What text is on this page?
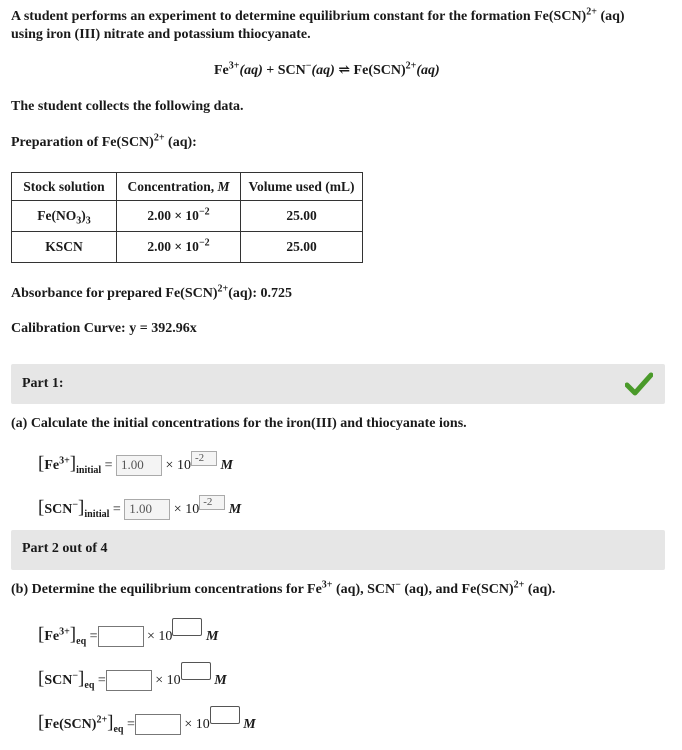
A student performs an experiment to determine equilibrium constant for the formation Fe(SCN)$^{2+}$ (aq)
using iron (III) nitrate and potassium thiocyanate.
$Fe^{3+}(aq) + SCN^-(aq)$ ⇌ Fe(SCN)$^{2+}$(aq)
The student collects the following data.
Preparation of Fe(SCN)$^{2+}$ (aq):
Stock solution	Concentration, M	Volume used (mL)
$Fe(NO_3)_3$	$2.00 \times 10^{-2}$	25.00
KSCN	$2.00 \times 10^{-2}$	25.00
Absorbance for prepared Fe(SCN)$^{2+}$(aq): 0.725
Calibration Curve: y = 392.96x
Part 1:
(a) Calculate the initial concentrations for the iron(III) and thiocyanate ions.
$[Fe^{3+}]_{initial} = 1.00 \times 10$ -2 M
$[SCN^-]_{initial} = 1.00 \times 10$ -2 M
Part 2 out of 4
(b) Determine the equilibrium concentrations for $Fe^{3+}$ (aq), SCN− (aq), and Fe(SCN)$^{2+}$ (aq).
$[Fe^{3+}]_{eq}$ =	× 10 M
$[SCN^-]_{eq}$ =	× 10 M
$[Fe(SCN)^{2+}]_{eq}$ =	× 10 M
